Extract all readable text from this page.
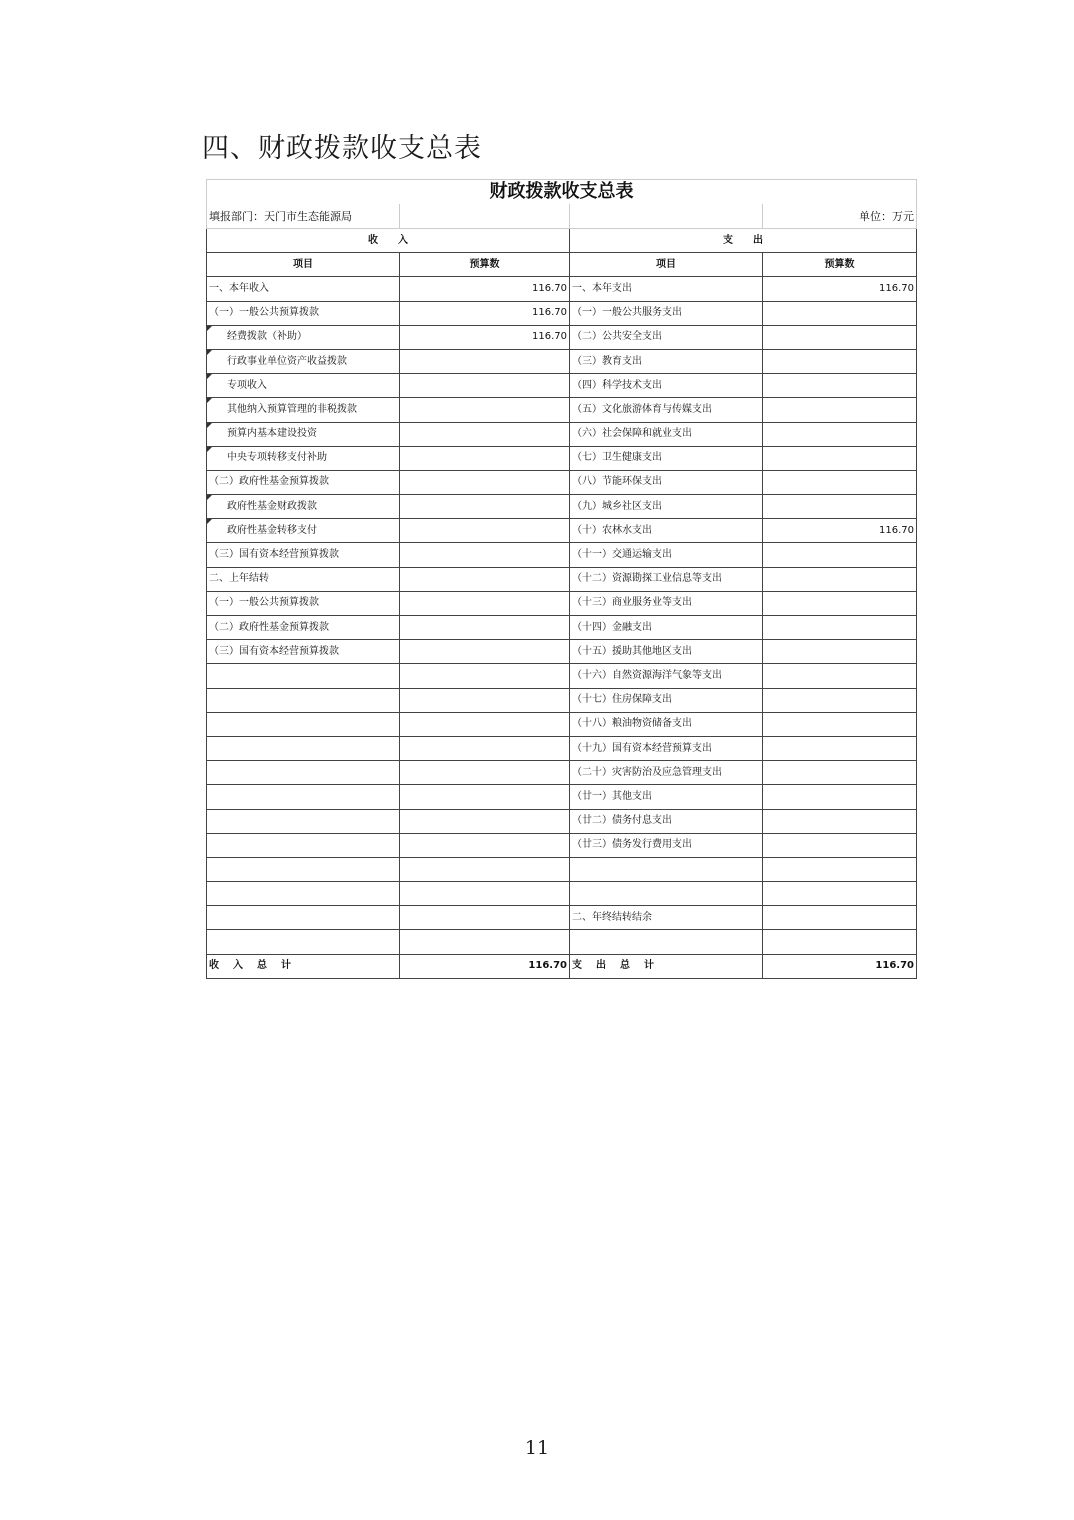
四、财政拨款收支总表
财政拨款收支总表			
填报部门：天门市生态能源局			单位：万元
收　　入		支　　出	
项目	预算数	项目	预算数
一、本年收入	116.70	一、本年支出	116.70
（一）一般公共预算拨款	116.70	（一）一般公共服务支出	
经费拨款（补助）	116.70	（二）公共安全支出	
行政事业单位资产收益拨款		（三）教育支出	
专项收入		（四）科学技术支出	
其他纳入预算管理的非税拨款		（五）文化旅游体育与传媒支出	
预算内基本建设投资		（六）社会保障和就业支出	
中央专项转移支付补助		（七）卫生健康支出	
（二）政府性基金预算拨款		（八）节能环保支出	
政府性基金财政拨款		（九）城乡社区支出	
政府性基金转移支付		（十）农林水支出	116.70
（三）国有资本经营预算拨款		（十一）交通运输支出	
二、上年结转		（十二）资源勘探工业信息等支出	
（一）一般公共预算拨款		（十三）商业服务业等支出	
（二）政府性基金预算拨款		（十四）金融支出	
（三）国有资本经营预算拨款		（十五）援助其他地区支出	
		（十六）自然资源海洋气象等支出	
		（十七）住房保障支出	
		（十八）粮油物资储备支出	
		（十九）国有资本经营预算支出	
		（二十）灾害防治及应急管理支出	
		（廿一）其他支出	
		（廿二）债务付息支出	
		（廿三）债务发行费用支出	

		二、年终结转结余	

收入总计	116.70	支出总计	116.70
11
